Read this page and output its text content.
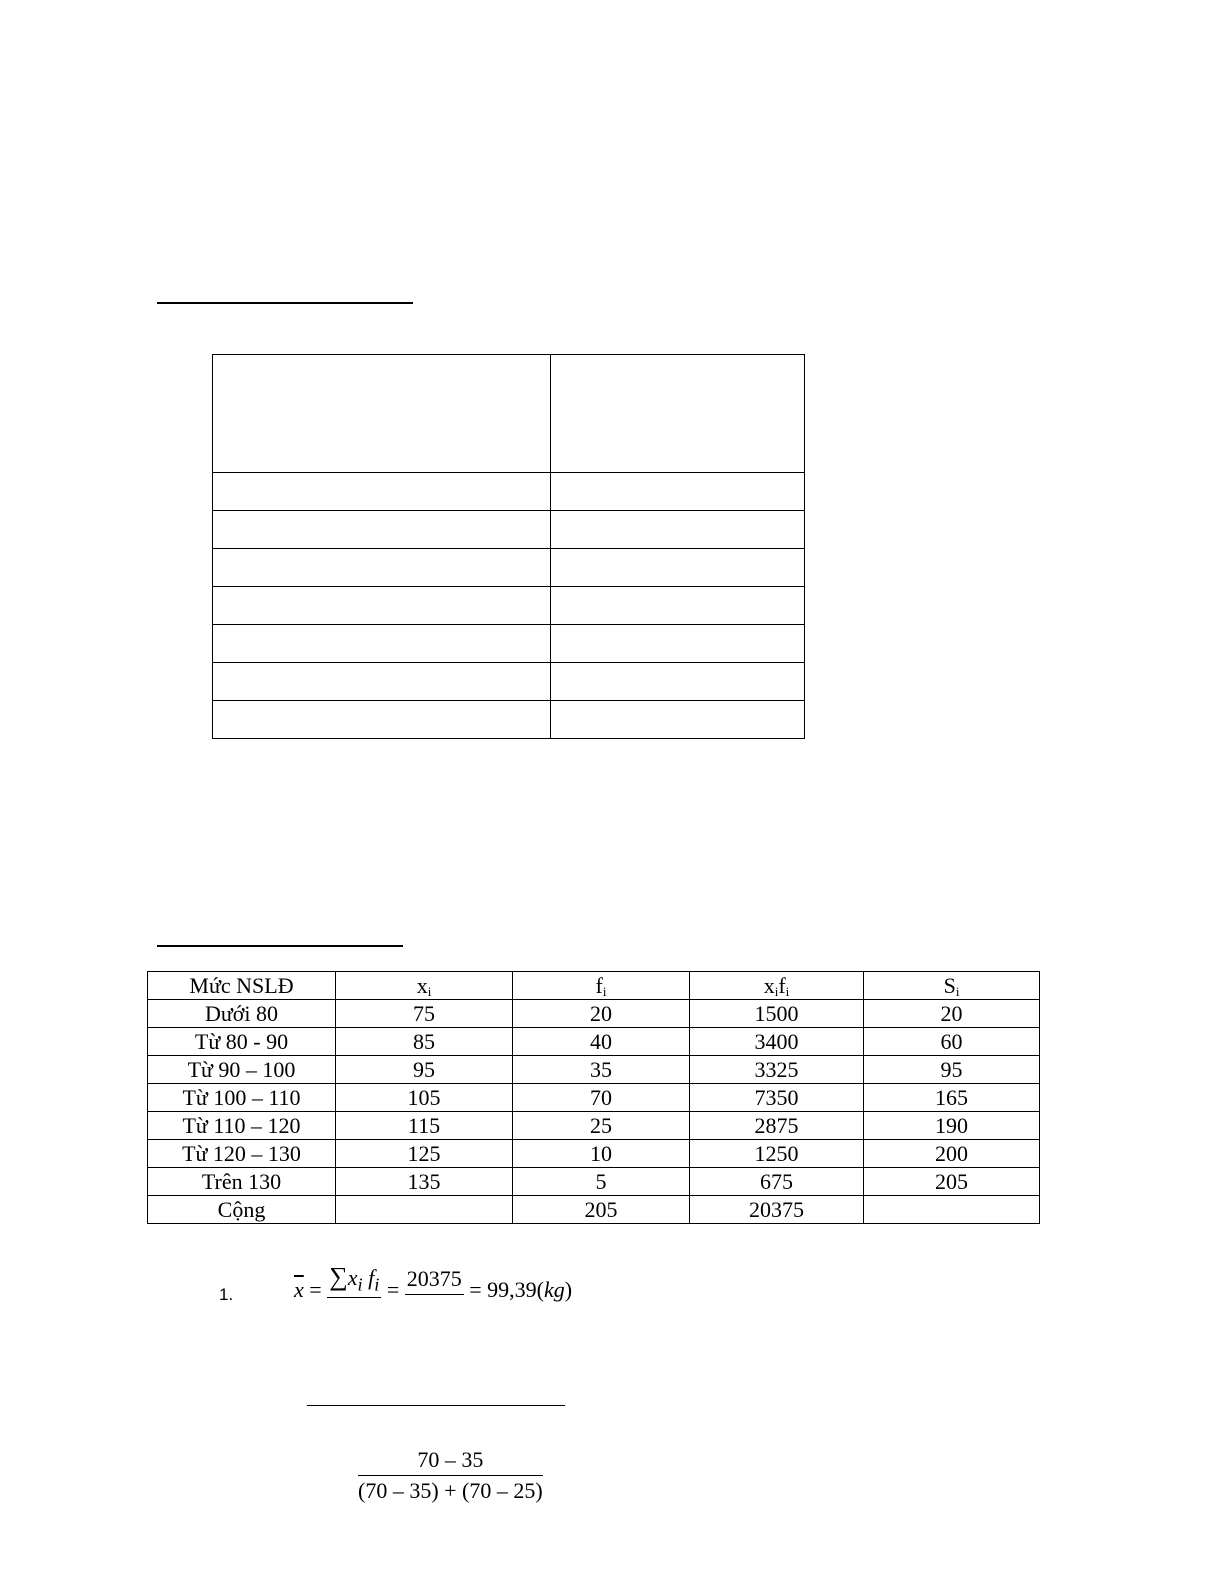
Mức NSLĐ	$x_i$	$f_i$	$x_if_i$	$S_i$
Dưới 80	75	20	1500	20
Từ 80 - 90	85	40	3400	60
Từ 90 – 100	95	35	3325	95
Từ 100 – 110	105	70	7350	165
Từ 110 – 120	115	25	2875	190
Từ 120 – 130	125	10	1250	200
Trên 130	135	5	675	205
Cộng		205	20375	
1.	$\overline{x} = \sum x_i$ $f_i = 20375 = 99,39(kg)$
$\frac{70 - 35}{(70 - 35) + (70 - 25)}$
